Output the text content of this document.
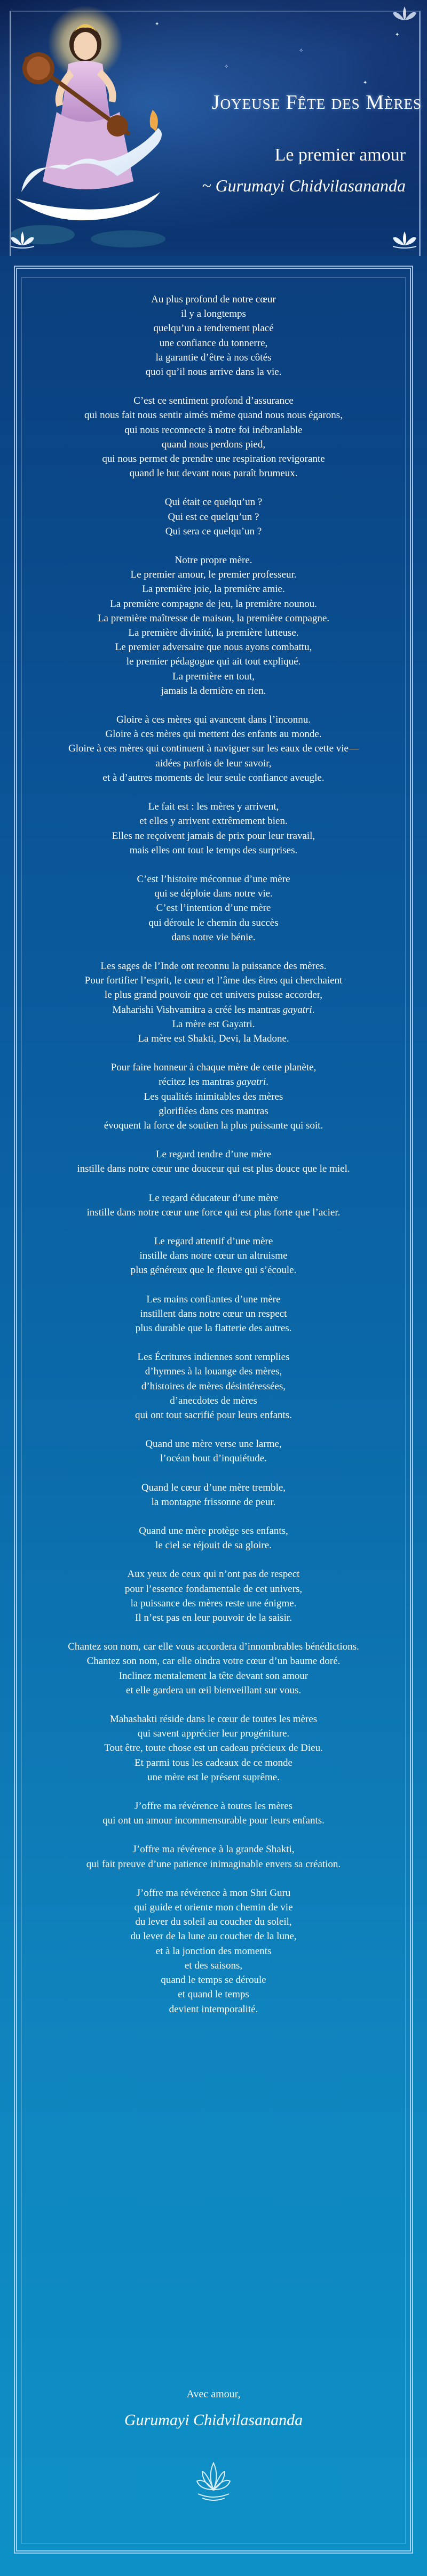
✦
✧
✦
✧
✦
Joyeuse Fête des Mères
Le premier amour
~ Gurumayi Chidvilasananda
Au plus profond de notre cœur
il y a longtemps
quelqu’un a tendrement placé
une confiance du tonnerre,
la garantie d’être à nos côtés
quoi qu’il nous arrive dans la vie.
C’est ce sentiment profond d’assurance
qui nous fait nous sentir aimés même quand nous nous égarons,
qui nous reconnecte à notre foi inébranlable
quand nous perdons pied,
qui nous permet de prendre une respiration revigorante
quand le but devant nous paraît brumeux.
Qui était ce quelqu’un ?
Qui est ce quelqu’un ?
Qui sera ce quelqu’un ?
Notre propre mère.
Le premier amour, le premier professeur.
La première joie, la première amie.
La première compagne de jeu, la première nounou.
La première maîtresse de maison, la première compagne.
La première divinité, la première lutteuse.
Le premier adversaire que nous ayons combattu,
le premier pédagogue qui ait tout expliqué.
La première en tout,
jamais la dernière en rien.
Gloire à ces mères qui avancent dans l’inconnu.
Gloire à ces mères qui mettent des enfants au monde.
Gloire à ces mères qui continuent à naviguer sur les eaux de cette vie—
aidées parfois de leur savoir,
et à d’autres moments de leur seule confiance aveugle.
Le fait est : les mères y arrivent,
et elles y arrivent extrêmement bien.
Elles ne reçoivent jamais de prix pour leur travail,
mais elles ont tout le temps des surprises.
C’est l’histoire méconnue d’une mère
qui se déploie dans notre vie.
C’est l’intention d’une mère
qui déroule le chemin du succès
dans notre vie bénie.
Les sages de l’Inde ont reconnu la puissance des mères.
Pour fortifier l’esprit, le cœur et l’âme des êtres qui cherchaient
le plus grand pouvoir que cet univers puisse accorder,
Maharishi Vishvamitra a créé les mantras gayatri.
La mère est Gayatri.
La mère est Shakti, Devi, la Madone.
Pour faire honneur à chaque mère de cette planète,
récitez les mantras gayatri.
Les qualités inimitables des mères
glorifiées dans ces mantras
évoquent la force de soutien la plus puissante qui soit.
Le regard tendre d’une mère
instille dans notre cœur une douceur qui est plus douce que le miel.
Le regard éducateur d’une mère
instille dans notre cœur une force qui est plus forte que l’acier.
Le regard attentif d’une mère
instille dans notre cœur un altruisme
plus généreux que le fleuve qui s’écoule.
Les mains confiantes d’une mère
instillent dans notre cœur un respect
plus durable que la flatterie des autres.
Les Écritures indiennes sont remplies
d’hymnes à la louange des mères,
d’histoires de mères désintéressées,
d’anecdotes de mères
qui ont tout sacrifié pour leurs enfants.
Quand une mère verse une larme,
l’océan bout d’inquiétude.
Quand le cœur d’une mère tremble,
la montagne frissonne de peur.
Quand une mère protège ses enfants,
le ciel se réjouit de sa gloire.
Aux yeux de ceux qui n’ont pas de respect
pour l’essence fondamentale de cet univers,
la puissance des mères reste une énigme.
Il n’est pas en leur pouvoir de la saisir.
Chantez son nom, car elle vous accordera d’innombrables bénédictions.
Chantez son nom, car elle oindra votre cœur d’un baume doré.
Inclinez mentalement la tête devant son amour
et elle gardera un œil bienveillant sur vous.
Mahashakti réside dans le cœur de toutes les mères
qui savent apprécier leur progéniture.
Tout être, toute chose est un cadeau précieux de Dieu.
Et parmi tous les cadeaux de ce monde
une mère est le présent suprême.
J’offre ma révérence à toutes les mères
qui ont un amour incommensurable pour leurs enfants.
J’offre ma révérence à la grande Shakti,
qui fait preuve d’une patience inimaginable envers sa création.
J’offre ma révérence à mon Shri Guru
qui guide et oriente mon chemin de vie
du lever du soleil au coucher du soleil,
du lever de la lune au coucher de la lune,
et à la jonction des moments
et des saisons,
quand le temps se déroule
et quand le temps
devient intemporalité.
Avec amour,
Gurumayi Chidvilasananda
